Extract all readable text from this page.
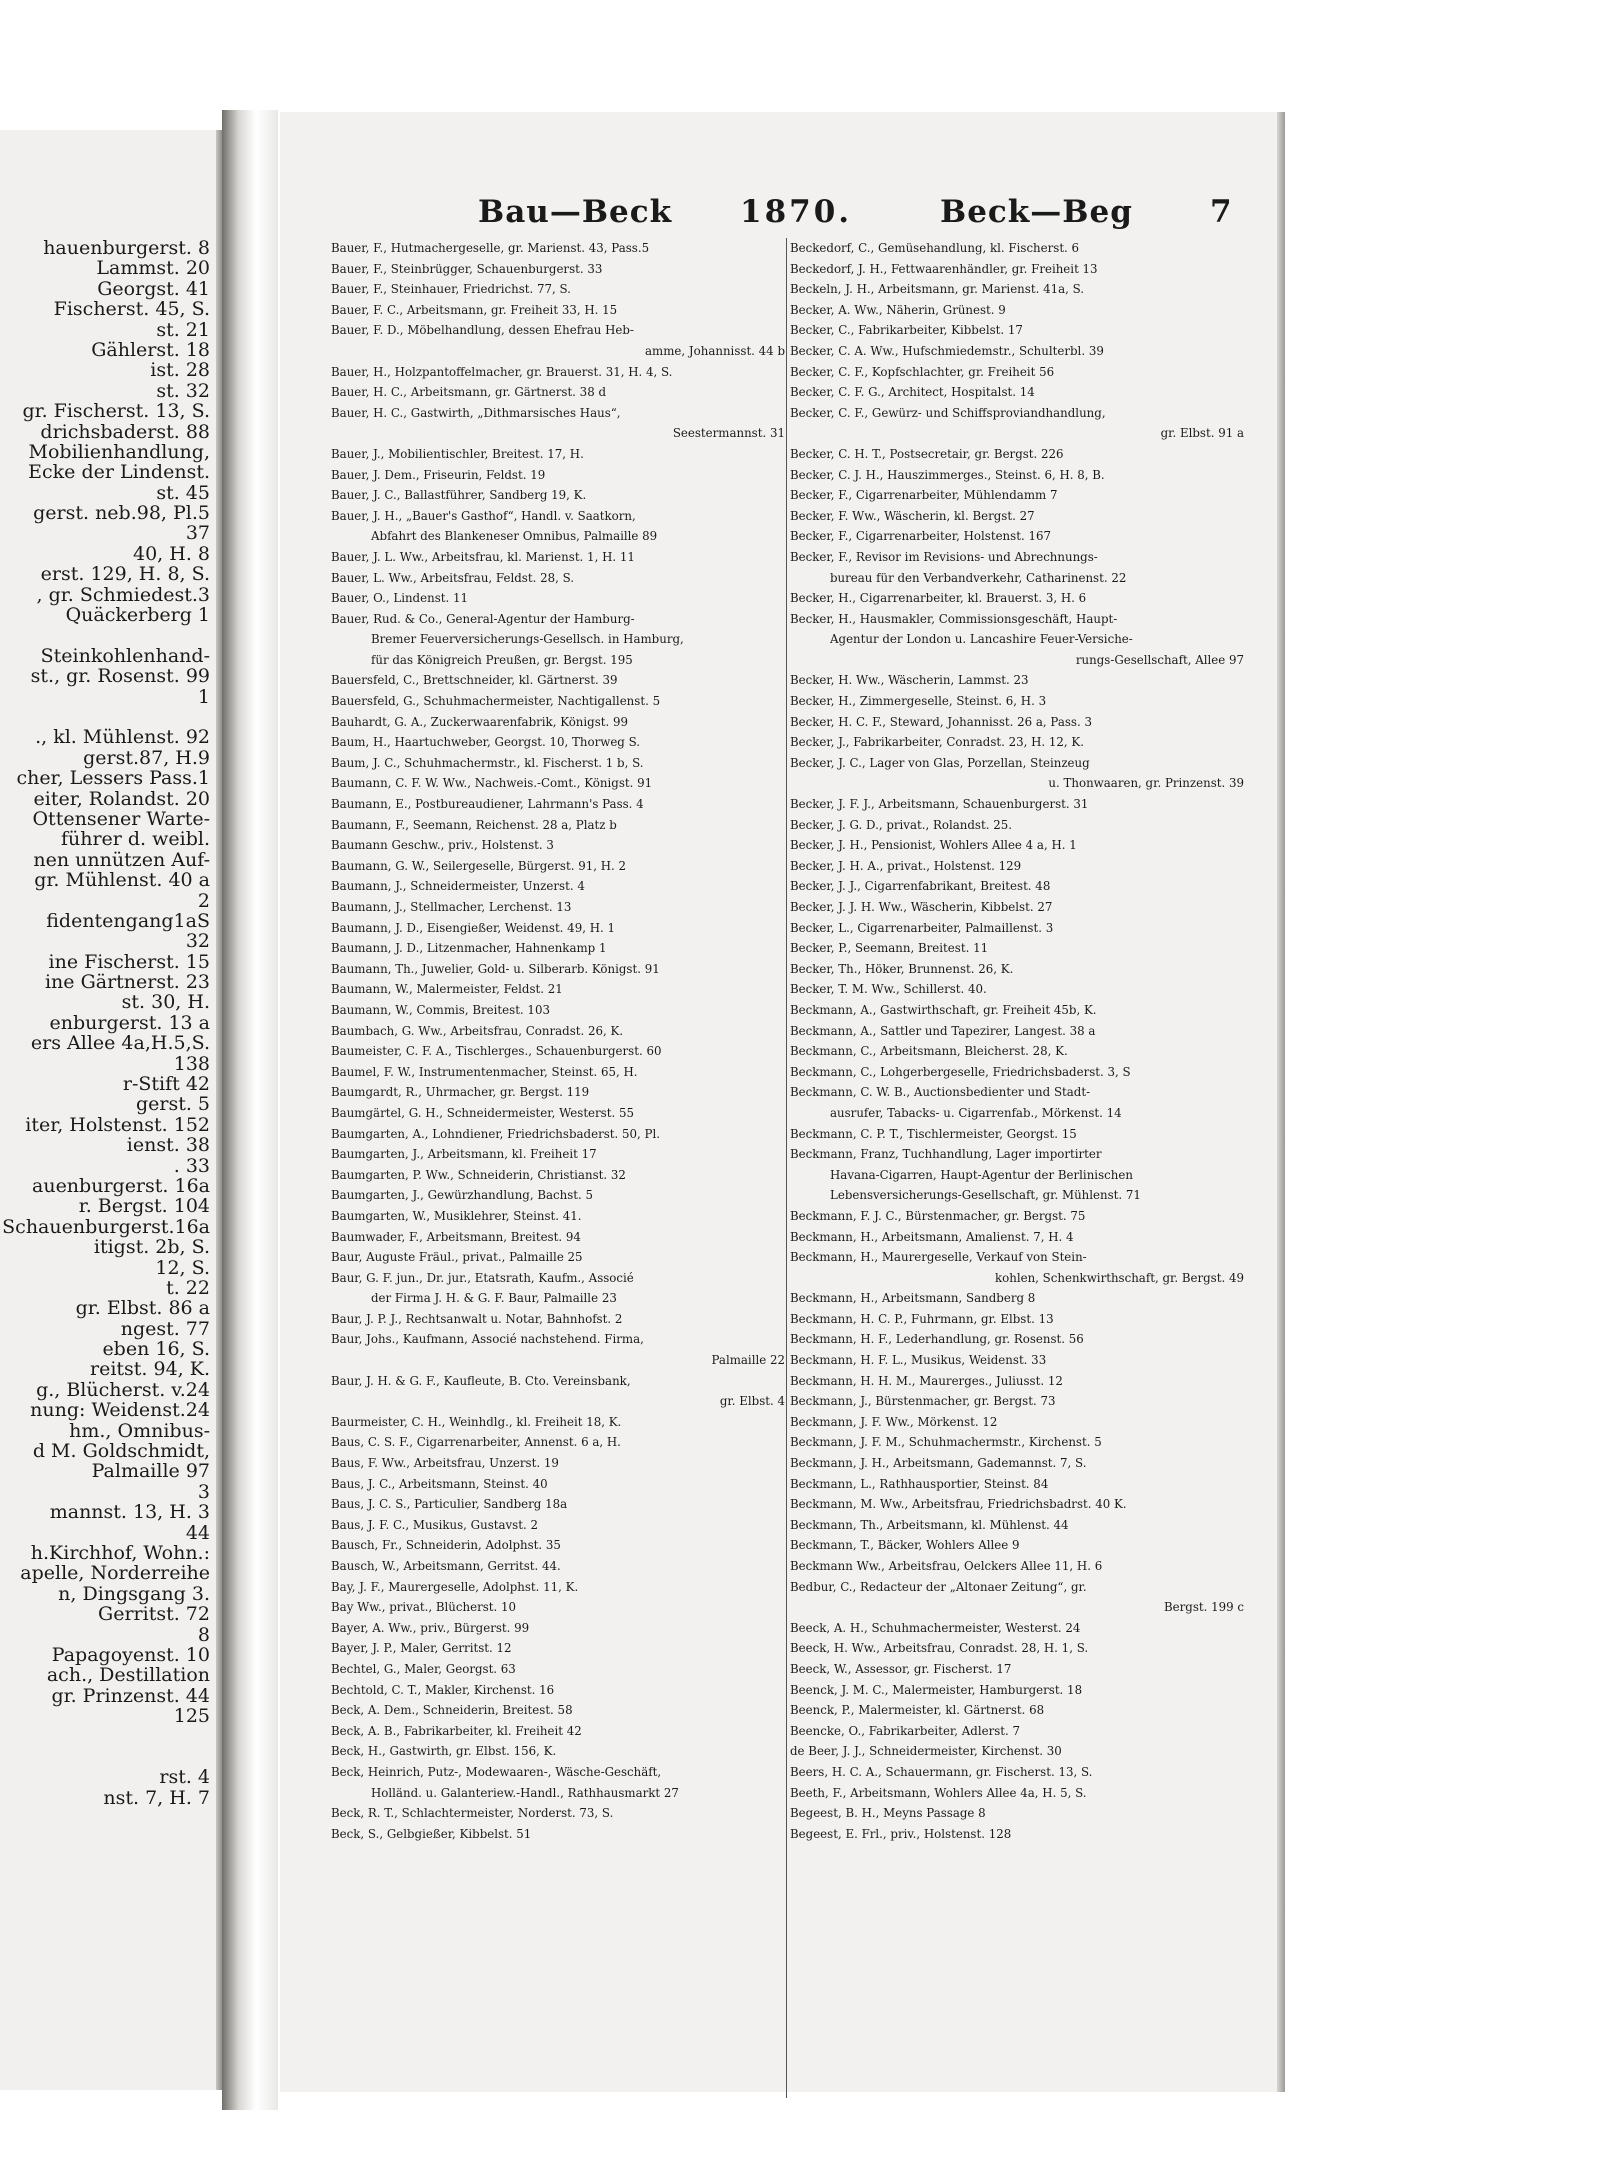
hauenburgerst. 8
Lammst. 20
Georgst. 41
Fischerst. 45, S.
st. 21
Gählerst. 18
ist. 28
st. 32
gr. Fischerst. 13, S.
drichsbaderst. 88
Mobilienhandlung,
Ecke der Lindenst.
st. 45
gerst. neb.98, Pl.5
37
40, H. 8
erst. 129, H. 8, S.
, gr. Schmiedest.3
Quäckerberg 1
Steinkohlenhand-
st., gr. Rosenst. 99
1
., kl. Mühlenst. 92
gerst.87, H.9
cher, Lessers Pass.1
eiter, Rolandst. 20
Ottensener Warte-
führer d. weibl.
nen unnützen Auf-
gr. Mühlenst. 40 a
2
fidentengang1aS
32
ine Fischerst. 15
ine Gärtnerst. 23
st. 30, H.
enburgerst. 13 a
ers Allee 4a,H.5,S.
138
r-Stift 42
gerst. 5
iter, Holstenst. 152
ienst. 38
. 33
auenburgerst. 16a
r. Bergst. 104
Schauenburgerst.16a
itigst. 2b, S.
12, S.
t. 22
gr. Elbst. 86 a
ngest. 77
eben 16, S.
reitst. 94, K.
g., Blücherst. v.24
nung: Weidenst.24
hm., Omnibus-
d M. Goldschmidt,
Palmaille 97
3
mannst. 13, H. 3
44
h.Kirchhof, Wohn.:
apelle, Norderreihe
n, Dingsgang 3.
Gerritst. 72
8
Papagoyenst. 10
ach., Destillation
gr. Prinzenst. 44
125
rst. 4
nst. 7, H. 7
Bau—Beck 1870.	Beck—Beg 7
Bauer, F., Hutmachergeselle, gr. Marienst. 43, Pass.5
Bauer, F., Steinbrügger, Schauenburgerst. 33
Bauer, F., Steinhauer, Friedrichst. 77, S.
Bauer, F. C., Arbeitsmann, gr. Freiheit 33, H. 15
Bauer, F. D., Möbelhandlung, dessen Ehefrau Heb-
amme, Johannisst. 44 b
Bauer, H., Holzpantoffelmacher, gr. Brauerst. 31, H. 4, S.
Bauer, H. C., Arbeitsmann, gr. Gärtnerst. 38 d
Bauer, H. C., Gastwirth, „Dithmarsisches Haus“,
Seestermannst. 31
Bauer, J., Mobilientischler, Breitest. 17, H.
Bauer, J. Dem., Friseurin, Feldst. 19
Bauer, J. C., Ballastführer, Sandberg 19, K.
Bauer, J. H., „Bauer's Gasthof“, Handl. v. Saatkorn,
Abfahrt des Blankeneser Omnibus, Palmaille 89
Bauer, J. L. Ww., Arbeitsfrau, kl. Marienst. 1, H. 11
Bauer, L. Ww., Arbeitsfrau, Feldst. 28, S.
Bauer, O., Lindenst. 11
Bauer, Rud. & Co., General-Agentur der Hamburg-
Bremer Feuerversicherungs-Gesellsch. in Hamburg,
für das Königreich Preußen, gr. Bergst. 195
Bauersfeld, C., Brettschneider, kl. Gärtnerst. 39
Bauersfeld, G., Schuhmachermeister, Nachtigallenst. 5
Bauhardt, G. A., Zuckerwaarenfabrik, Königst. 99
Baum, H., Haartuchweber, Georgst. 10, Thorweg S.
Baum, J. C., Schuhmachermstr., kl. Fischerst. 1 b, S.
Baumann, C. F. W. Ww., Nachweis.-Comt., Königst. 91
Baumann, E., Postbureaudiener, Lahrmann's Pass. 4
Baumann, F., Seemann, Reichenst. 28 a, Platz b
Baumann Geschw., priv., Holstenst. 3
Baumann, G. W., Seilergeselle, Bürgerst. 91, H. 2
Baumann, J., Schneidermeister, Unzerst. 4
Baumann, J., Stellmacher, Lerchenst. 13
Baumann, J. D., Eisengießer, Weidenst. 49, H. 1
Baumann, J. D., Litzenmacher, Hahnenkamp 1
Baumann, Th., Juwelier, Gold- u. Silberarb. Königst. 91
Baumann, W., Malermeister, Feldst. 21
Baumann, W., Commis, Breitest. 103
Baumbach, G. Ww., Arbeitsfrau, Conradst. 26, K.
Baumeister, C. F. A., Tischlerges., Schauenburgerst. 60
Baumel, F. W., Instrumentenmacher, Steinst. 65, H.
Baumgardt, R., Uhrmacher, gr. Bergst. 119
Baumgärtel, G. H., Schneidermeister, Westerst. 55
Baumgarten, A., Lohndiener, Friedrichsbaderst. 50, Pl.
Baumgarten, J., Arbeitsmann, kl. Freiheit 17
Baumgarten, P. Ww., Schneiderin, Christianst. 32
Baumgarten, J., Gewürzhandlung, Bachst. 5
Baumgarten, W., Musiklehrer, Steinst. 41.
Baumwader, F., Arbeitsmann, Breitest. 94
Baur, Auguste Fräul., privat., Palmaille 25
Baur, G. F. jun., Dr. jur., Etatsrath, Kaufm., Associé
der Firma J. H. & G. F. Baur, Palmaille 23
Baur, J. P. J., Rechtsanwalt u. Notar, Bahnhofst. 2
Baur, Johs., Kaufmann, Associé nachstehend. Firma,
Palmaille 22
Baur, J. H. & G. F., Kaufleute, B. Cto. Vereinsbank,
gr. Elbst. 4
Baurmeister, C. H., Weinhdlg., kl. Freiheit 18, K.
Baus, C. S. F., Cigarrenarbeiter, Annenst. 6 a, H.
Baus, F. Ww., Arbeitsfrau, Unzerst. 19
Baus, J. C., Arbeitsmann, Steinst. 40
Baus, J. C. S., Particulier, Sandberg 18a
Baus, J. F. C., Musikus, Gustavst. 2
Bausch, Fr., Schneiderin, Adolphst. 35
Bausch, W., Arbeitsmann, Gerritst. 44.
Bay, J. F., Maurergeselle, Adolphst. 11, K.
Bay Ww., privat., Blücherst. 10
Bayer, A. Ww., priv., Bürgerst. 99
Bayer, J. P., Maler, Gerritst. 12
Bechtel, G., Maler, Georgst. 63
Bechtold, C. T., Makler, Kirchenst. 16
Beck, A. Dem., Schneiderin, Breitest. 58
Beck, A. B., Fabrikarbeiter, kl. Freiheit 42
Beck, H., Gastwirth, gr. Elbst. 156, K.
Beck, Heinrich, Putz-, Modewaaren-, Wäsche-Geschäft,
Holländ. u. Galanteriew.-Handl., Rathhausmarkt 27
Beck, R. T., Schlachtermeister, Norderst. 73, S.
Beck, S., Gelbgießer, Kibbelst. 51
Beckedorf, C., Gemüsehandlung, kl. Fischerst. 6
Beckedorf, J. H., Fettwaarenhändler, gr. Freiheit 13
Beckeln, J. H., Arbeitsmann, gr. Marienst. 41a, S.
Becker, A. Ww., Näherin, Grünest. 9
Becker, C., Fabrikarbeiter, Kibbelst. 17
Becker, C. A. Ww., Hufschmiedemstr., Schulterbl. 39
Becker, C. F., Kopfschlachter, gr. Freiheit 56
Becker, C. F. G., Architect, Hospitalst. 14
Becker, C. F., Gewürz- und Schiffsproviandhandlung,
gr. Elbst. 91 a
Becker, C. H. T., Postsecretair, gr. Bergst. 226
Becker, C. J. H., Hauszimmerges., Steinst. 6, H. 8, B.
Becker, F., Cigarrenarbeiter, Mühlendamm 7
Becker, F. Ww., Wäscherin, kl. Bergst. 27
Becker, F., Cigarrenarbeiter, Holstenst. 167
Becker, F., Revisor im Revisions- und Abrechnungs-
bureau für den Verbandverkehr, Catharinenst. 22
Becker, H., Cigarrenarbeiter, kl. Brauerst. 3, H. 6
Becker, H., Hausmakler, Commissionsgeschäft, Haupt-
Agentur der London u. Lancashire Feuer-Versiche-
rungs-Gesellschaft, Allee 97
Becker, H. Ww., Wäscherin, Lammst. 23
Becker, H., Zimmergeselle, Steinst. 6, H. 3
Becker, H. C. F., Steward, Johannisst. 26 a, Pass. 3
Becker, J., Fabrikarbeiter, Conradst. 23, H. 12, K.
Becker, J. C., Lager von Glas, Porzellan, Steinzeug
u. Thonwaaren, gr. Prinzenst. 39
Becker, J. F. J., Arbeitsmann, Schauenburgerst. 31
Becker, J. G. D., privat., Rolandst. 25.
Becker, J. H., Pensionist, Wohlers Allee 4 a, H. 1
Becker, J. H. A., privat., Holstenst. 129
Becker, J. J., Cigarrenfabrikant, Breitest. 48
Becker, J. J. H. Ww., Wäscherin, Kibbelst. 27
Becker, L., Cigarrenarbeiter, Palmaillenst. 3
Becker, P., Seemann, Breitest. 11
Becker, Th., Höker, Brunnenst. 26, K.
Becker, T. M. Ww., Schillerst. 40.
Beckmann, A., Gastwirthschaft, gr. Freiheit 45b, K.
Beckmann, A., Sattler und Tapezirer, Langest. 38 a
Beckmann, C., Arbeitsmann, Bleicherst. 28, K.
Beckmann, C., Lohgerbergeselle, Friedrichsbaderst. 3, S
Beckmann, C. W. B., Auctionsbedienter und Stadt-
ausrufer, Tabacks- u. Cigarrenfab., Mörkenst. 14
Beckmann, C. P. T., Tischlermeister, Georgst. 15
Beckmann, Franz, Tuchhandlung, Lager importirter
Havana-Cigarren, Haupt-Agentur der Berlinischen
Lebensversicherungs-Gesellschaft, gr. Mühlenst. 71
Beckmann, F. J. C., Bürstenmacher, gr. Bergst. 75
Beckmann, H., Arbeitsmann, Amalienst. 7, H. 4
Beckmann, H., Maurergeselle, Verkauf von Stein-
kohlen, Schenkwirthschaft, gr. Bergst. 49
Beckmann, H., Arbeitsmann, Sandberg 8
Beckmann, H. C. P., Fuhrmann, gr. Elbst. 13
Beckmann, H. F., Lederhandlung, gr. Rosenst. 56
Beckmann, H. F. L., Musikus, Weidenst. 33
Beckmann, H. H. M., Maurerges., Juliusst. 12
Beckmann, J., Bürstenmacher, gr. Bergst. 73
Beckmann, J. F. Ww., Mörkenst. 12
Beckmann, J. F. M., Schuhmachermstr., Kirchenst. 5
Beckmann, J. H., Arbeitsmann, Gademannst. 7, S.
Beckmann, L., Rathhausportier, Steinst. 84
Beckmann, M. Ww., Arbeitsfrau, Friedrichsbadrst. 40 K.
Beckmann, Th., Arbeitsmann, kl. Mühlenst. 44
Beckmann, T., Bäcker, Wohlers Allee 9
Beckmann Ww., Arbeitsfrau, Oelckers Allee 11, H. 6
Bedbur, C., Redacteur der „Altonaer Zeitung“, gr.
Bergst. 199 c
Beeck, A. H., Schuhmachermeister, Westerst. 24
Beeck, H. Ww., Arbeitsfrau, Conradst. 28, H. 1, S.
Beeck, W., Assessor, gr. Fischerst. 17
Beenck, J. M. C., Malermeister, Hamburgerst. 18
Beenck, P., Malermeister, kl. Gärtnerst. 68
Beencke, O., Fabrikarbeiter, Adlerst. 7
de Beer, J. J., Schneidermeister, Kirchenst. 30
Beers, H. C. A., Schauermann, gr. Fischerst. 13, S.
Beeth, F., Arbeitsmann, Wohlers Allee 4a, H. 5, S.
Begeest, B. H., Meyns Passage 8
Begeest, E. Frl., priv., Holstenst. 128
